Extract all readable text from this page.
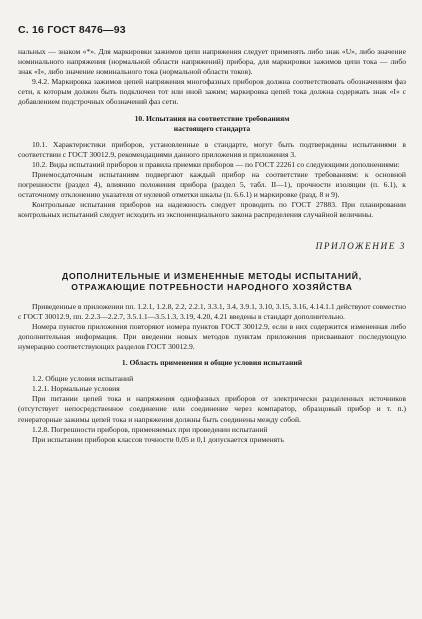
С. 16 ГОСТ 8476—93

нальных — знаком «*». Для маркировки зажимов цепи напряжения следует применять либо знак «U», либо значение номинального напряжения (нормальной области напряжений) прибора, для маркировки зажимов цепи тока — либо знак «I», либо значение номинального тока (нормальной области токов).

9.4.2. Маркировка зажимов цепей напряжения многофазных приборов должна соответствовать обозначениям фаз сети, к которым должен быть подключен тот или иной зажим; маркировка цепей тока должна содержать знак «I» с добавлением подстрочных обозначений фаз сети.

10. Испытания на соответствие требованиям
настоящего стандарта

10.1. Характеристики приборов, установленные в стандарте, могут быть подтверждены испытаниями в соответствии с ГОСТ 30012.9, рекомендациями данного приложения и приложения 3.

10.2. Виды испытаний приборов и правила приемки приборов — по ГОСТ 22261 со следующими дополнениями:

Приемосдаточным испытаниям подвергают каждый прибор на соответствие требованиям: к основной погрешности (раздел 4), влиянию положения прибора (раздел 5, табл. II—1), прочности изоляции (п. 6.1), к остаточному отклонению указателя от нулевой отметки шкалы (п. 6.6.1) и маркировке (разд. 8 и 9).

Контрольные испытания приборов на надежность следует проводить по ГОСТ 27883. При планировании контрольных испытаний следует исходить из экспоненциального закона распределения случайной величины.

ПРИЛОЖЕНИЕ 3
ДОПОЛНИТЕЛЬНЫЕ И ИЗМЕНЕННЫЕ МЕТОДЫ ИСПЫТАНИЙ,
ОТРАЖАЮЩИЕ ПОТРЕБНОСТИ НАРОДНОГО ХОЗЯЙСТВА

Приведенные в приложении пп. 1.2.1, 1.2.8, 2.2, 2.2.1, 3.3.1, 3.4, 3.9.1, 3.10, 3.15, 3.16, 4.14.1.1 действуют совместно с ГОСТ 30012.9, пп. 2.2.3—2.2.7, 3.5.1.1—3.5.1.3, 3.19, 4.20, 4.21 введены в стандарт дополнительно.

Номера пунктов приложения повторяют номера пунктов ГОСТ 30012.9, если в них содержится измененная либо дополнительная информация. При введении новых методов пунктам приложения присваивают последующую нумерацию соответствующих разделов ГОСТ 30012.9.

1. Область применения и общие условия испытаний

1.2. Общие условия испытаний

1.2.1. Нормальные условия

При питании цепей тока и напряжения однофазных приборов от электрически разделенных источников (отсутствует непосредственное соединение или соединение через компаратор, образцовый прибор и т. п.) генераторные зажимы цепей тока и напряжения должны быть соединены между собой.

1.2.8. Погрешности приборов, применяемых при проведении испытаний

При испытании приборов классов точности 0,05 и 0,1 допускается применять
